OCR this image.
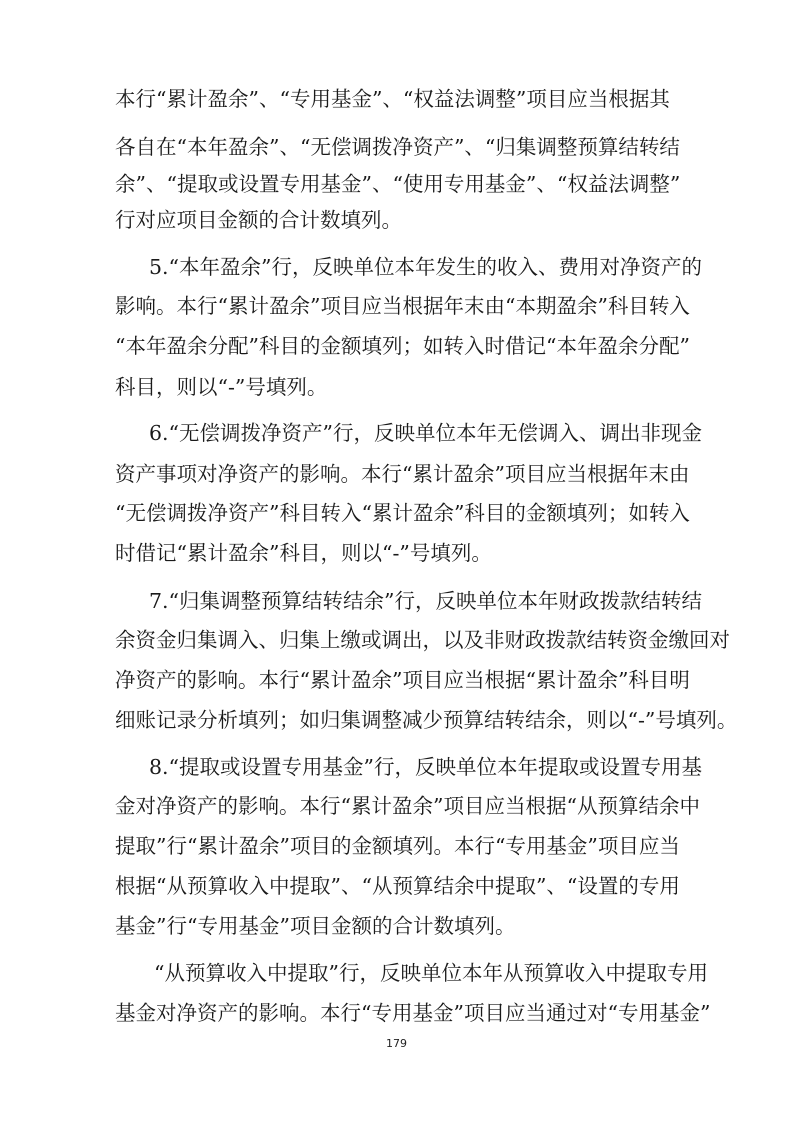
本行“累计盈余”、“专用基金”、“权益法调整”项目应当根据其
各自在“本年盈余”、“无偿调拨净资产”、“归集调整预算结转结
余”、“提取或设置专用基金”、“使用专用基金”、“权益法调整”
行对应项目金额的合计数填列。
5.“本年盈余”行，反映单位本年发生的收入、费用对净资产的
影响。本行“累计盈余”项目应当根据年末由“本期盈余”科目转入
“本年盈余分配”科目的金额填列；如转入时借记“本年盈余分配”
科目，则以“-”号填列。
6.“无偿调拨净资产”行，反映单位本年无偿调入、调出非现金
资产事项对净资产的影响。本行“累计盈余”项目应当根据年末由
“无偿调拨净资产”科目转入“累计盈余”科目的金额填列；如转入
时借记“累计盈余”科目，则以“-”号填列。
7.“归集调整预算结转结余”行，反映单位本年财政拨款结转结
余资金归集调入、归集上缴或调出，以及非财政拨款结转资金缴回对
净资产的影响。本行“累计盈余”项目应当根据“累计盈余”科目明
细账记录分析填列；如归集调整减少预算结转结余，则以“-”号填列。
8.“提取或设置专用基金”行，反映单位本年提取或设置专用基
金对净资产的影响。本行“累计盈余”项目应当根据“从预算结余中
提取”行“累计盈余”项目的金额填列。本行“专用基金”项目应当
根据“从预算收入中提取”、“从预算结余中提取”、“设置的专用
基金”行“专用基金”项目金额的合计数填列。
“从预算收入中提取”行，反映单位本年从预算收入中提取专用
基金对净资产的影响。本行“专用基金”项目应当通过对“专用基金”
179
